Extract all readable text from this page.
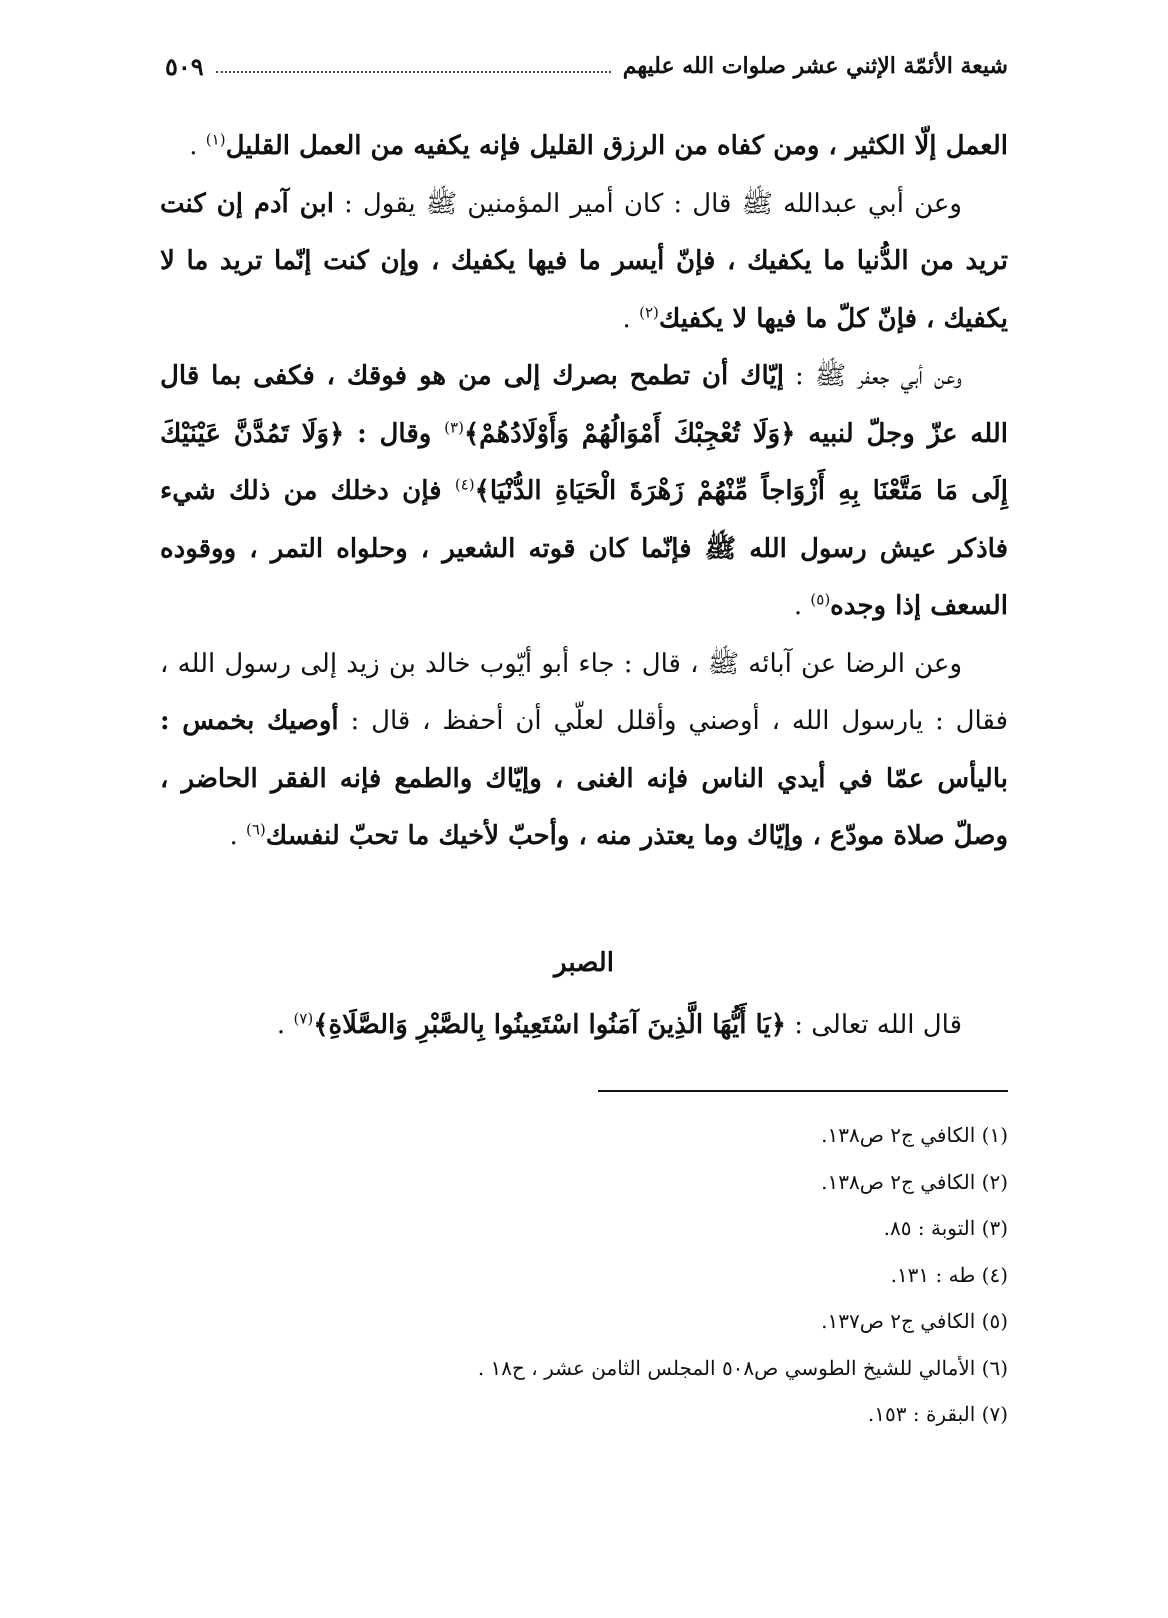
شيعة الأئمّة الإثني عشر صلوات الله عليهم
٥٠٩

العمل إلّا الكثير ، ومن كفاه من الرزق القليل فإنه يكفيه من العمل القليل$^{(١)}$ .

وعن أبي عبدالله ﷺ قال : كان أمير المؤمنين ﷺ يقول : ابن آدم إن كنت تريد من الدُّنيا ما يكفيك ، فإنّ أيسر ما فيها يكفيك ، وإن كنت إنّما تريد ما لا يكفيك ، فإنّ كلّ ما فيها لا يكفيك$^{(٢)}$ .

وعن أبي جعفر ﷺ : إيّاك أن تطمح بصرك إلى من هو فوقك ، فكفى بما قال الله عزّ وجلّ لنبيه ﴿وَلَا تُعْجِبْكَ أَمْوَالُهُمْ وَأَوْلَادُهُمْ﴾$^{(٣)}$ وقال : ﴿وَلَا تَمُدَّنَّ عَيْنَيْكَ إِلَى مَا مَتَّعْنَا بِهِ أَزْوَاجاً مِّنْهُمْ زَهْرَةَ الْحَيَاةِ الدُّنْيَا﴾$^{(٤)}$ فإن دخلك من ذلك شيء فاذكر عيش رسول الله ﷺ فإنّما كان قوته الشعير ، وحلواه التمر ، ووقوده السعف إذا وجده$^{(٥)}$ .

وعن الرضا عن آبائه ﷺ ، قال : جاء أبو أيّوب خالد بن زيد إلى رسول الله ، فقال : يارسول الله ، أوصني وأقلل لعلّي أن أحفظ ، قال : أوصيك بخمس : باليأس عمّا في أيدي الناس فإنه الغنى ، وإيّاك والطمع فإنه الفقر الحاضر ، وصلّ صلاة مودّع ، وإيّاك وما يعتذر منه ، وأحبّ لأخيك ما تحبّ لنفسك$^{(٦)}$ .

الصبر
قال الله تعالى : ﴿يَا أَيُّهَا الَّذِينَ آمَنُوا اسْتَعِينُوا بِالصَّبْرِ وَالصَّلَاةِ﴾$^{(٧)}$ .
(١) الكافي ج٢ ص١٣٨.
(٢) الكافي ج٢ ص١٣٨.
(٣) التوبة : ٨٥.
(٤) طه : ١٣١.
(٥) الكافي ج٢ ص١٣٧.
(٦) الأمالي للشيخ الطوسي ص٥٠٨ المجلس الثامن عشر ، ح١٨ .
(٧) البقرة : ١٥٣.
